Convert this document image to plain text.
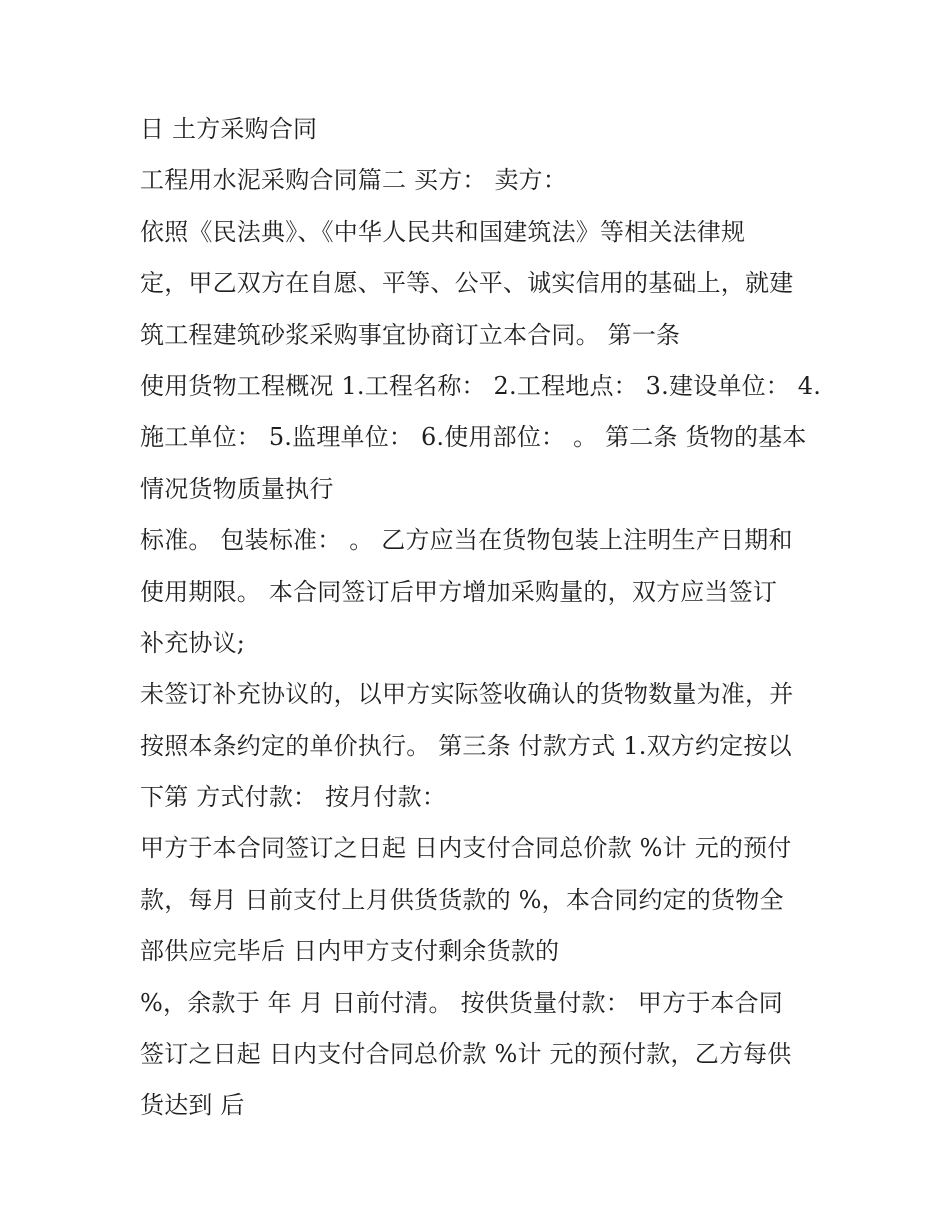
日 土方采购合同
工程用水泥采购合同篇二 买方： 卖方：
依照《民法典》、《中华人民共和国建筑法》等相关法律规
定，甲乙双方在自愿、平等、公平、诚实信用的基础上，就建
筑工程建筑砂浆采购事宜协商订立本合同。 第一条
使用货物工程概况 1.工程名称： 2.工程地点： 3.建设单位： 4.
施工单位： 5.监理单位： 6.使用部位： 。 第二条 货物的基本
情况货物质量执行
标准。 包装标准： 。 乙方应当在货物包装上注明生产日期和
使用期限。 本合同签订后甲方增加采购量的，双方应当签订
补充协议;
未签订补充协议的，以甲方实际签收确认的货物数量为准，并
按照本条约定的单价执行。 第三条 付款方式 1.双方约定按以
下第 方式付款： 按月付款：
甲方于本合同签订之日起 日内支付合同总价款 %计 元的预付
款，每月 日前支付上月供货货款的 %，本合同约定的货物全
部供应完毕后 日内甲方支付剩余货款的
%，余款于 年 月 日前付清。 按供货量付款： 甲方于本合同
签订之日起 日内支付合同总价款 %计 元的预付款，乙方每供
货达到 后
